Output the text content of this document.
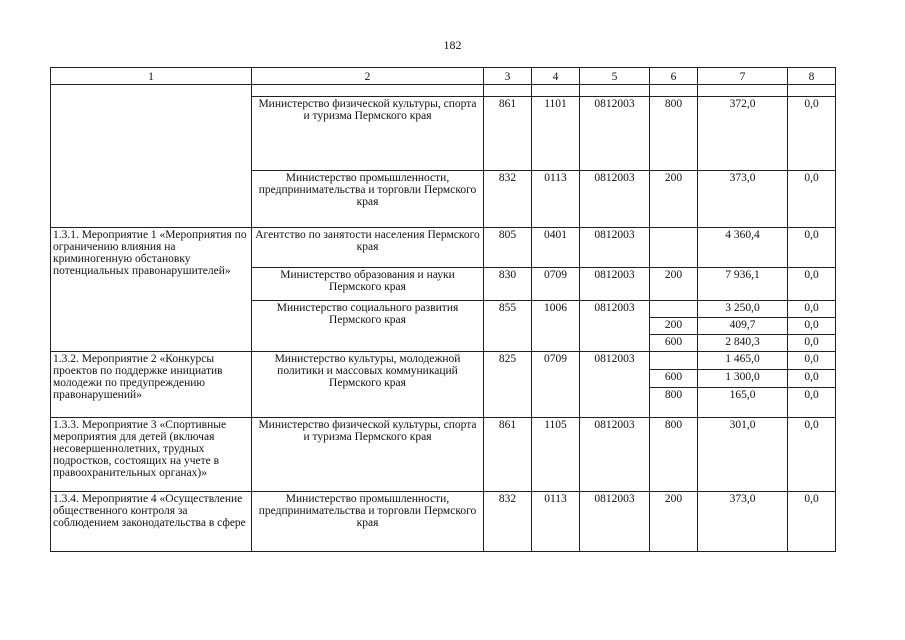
182
1	2	3	4	5	6	7	8

	Министерство физической культуры, спорта и туризма Пермского края	861	1101	0812003	800	372,0	0,0
	Министерство промышленности, предпринимательства и торговли Пермского края	832	0113	0812003	200	373,0	0,0
1.3.1. Мероприятие 1 «Мероприятия по ограничению влияния на криминогенную обстановку потенциальных правонарушителей»	Агентство по занятости населения Пермского края	805	0401	0812003		4 360,4	0,0
	Министерство образования и науки Пермского края	830	0709	0812003	200	7 936,1	0,0
	Министерство социального развития Пермского края	855	1006	0812003		3 250,0	0,0
					200	409,7	0,0
					600	2 840,3	0,0
1.3.2. Мероприятие 2 «Конкурсы проектов по поддержке инициатив молодежи по предупреждению правонарушений»	Министерство культуры, молодежной политики и массовых коммуникаций Пермского края	825	0709	0812003		1 465,0	0,0
					600	1 300,0	0,0
					800	165,0	0,0
1.3.3. Мероприятие 3 «Спортивные мероприятия для детей (включая несовершеннолетних, трудных подростков, состоящих на учете в правоохранительных органах)»	Министерство физической культуры, спорта и туризма Пермского края	861	1105	0812003	800	301,0	0,0
1.3.4. Мероприятие 4 «Осуществление общественного контроля за соблюдением законодательства в сфере	Министерство промышленности, предпринимательства и торговли Пермского края	832	0113	0812003	200	373,0	0,0
